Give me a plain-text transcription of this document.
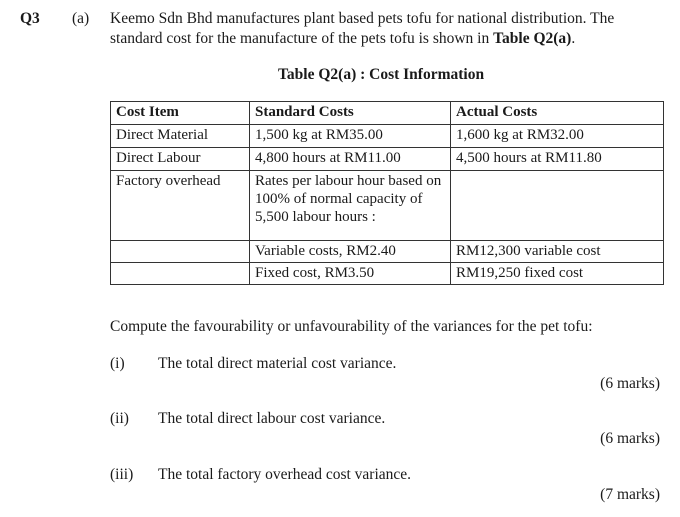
Q3 (a) Keemo Sdn Bhd manufactures plant based pets tofu for national distribution. The
standard cost for the manufacture of the pets tofu is shown in Table Q2(a).
Table Q2(a) : Cost Information
Cost Item	Standard Costs	Actual Costs
Direct Material	1,500 kg at RM35.00	1,600 kg at RM32.00
Direct Labour	4,800 hours at RM11.00	4,500 hours at RM11.80
Factory overhead	Rates per labour hour based on 100% of normal capacity of 5,500 labour hours :	
	Variable costs, RM2.40	RM12,300 variable cost
	Fixed cost, RM3.50	RM19,250 fixed cost
Compute the favourability or unfavourability of the variances for the pet tofu:
(i) The total direct material cost variance.
(6 marks)
(ii) The total direct labour cost variance.
(6 marks)
(iii) The total factory overhead cost variance.
(7 marks)
